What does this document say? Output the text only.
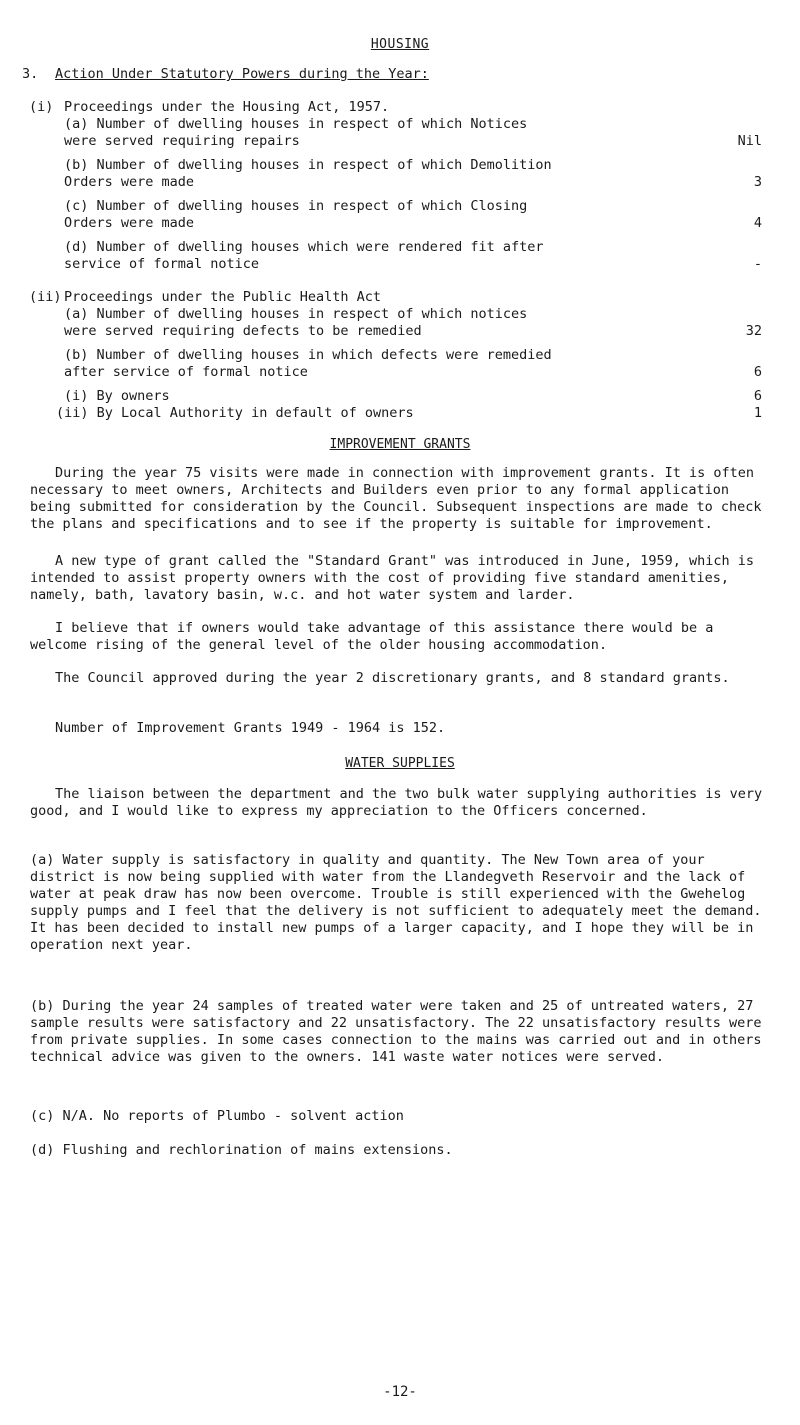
HOUSING
3. Action Under Statutory Powers during the Year:
(i) Proceedings under the Housing Act, 1957.
(a) Number of dwelling houses in respect of which Notices
were served requiring repairs	Nil
(b) Number of dwelling houses in respect of which Demolition
Orders were made	3
(c) Number of dwelling houses in respect of which Closing
Orders were made	4
(d) Number of dwelling houses which were rendered fit after
service of formal notice	-
(ii) Proceedings under the Public Health Act
(a) Number of dwelling houses in respect of which notices
were served requiring defects to be remedied	32
(b) Number of dwelling houses in which defects were remedied
after service of formal notice	6
(i) By owners	6
(ii) By Local Authority in default of owners	1
IMPROVEMENT GRANTS
During the year 75 visits were made in connection with improvement grants. It is often necessary to meet owners, Architects and Builders even prior to any formal application being submitted for consideration by the Council. Subsequent inspections are made to check the plans and specifications and to see if the property is suitable for improvement.
A new type of grant called the "Standard Grant" was introduced in June, 1959, which is intended to assist property owners with the cost of providing five standard amenities, namely, bath, lavatory basin, w.c. and hot water system and larder.
I believe that if owners would take advantage of this assistance there would be a welcome rising of the general level of the older housing accommodation.
The Council approved during the year 2 discretionary grants, and 8 standard grants.
Number of Improvement Grants 1949 - 1964 is 152.
WATER SUPPLIES
The liaison between the department and the two bulk water supplying authorities is very good, and I would like to express my appreciation to the Officers concerned.
(a) Water supply is satisfactory in quality and quantity. The New Town area of your district is now being supplied with water from the Llandegveth Reservoir and the lack of water at peak draw has now been overcome. Trouble is still experienced with the Gwehelog supply pumps and I feel that the delivery is not sufficient to adequately meet the demand. It has been decided to install new pumps of a larger capacity, and I hope they will be in operation next year.
(b) During the year 24 samples of treated water were taken and 25 of untreated waters, 27 sample results were satisfactory and 22 unsatisfactory. The 22 unsatisfactory results were from private supplies. In some cases connection to the mains was carried out and in others technical advice was given to the owners. 141 waste water notices were served.
(c) N/A. No reports of Plumbo - solvent action
(d) Flushing and rechlorination of mains extensions.
-12-
